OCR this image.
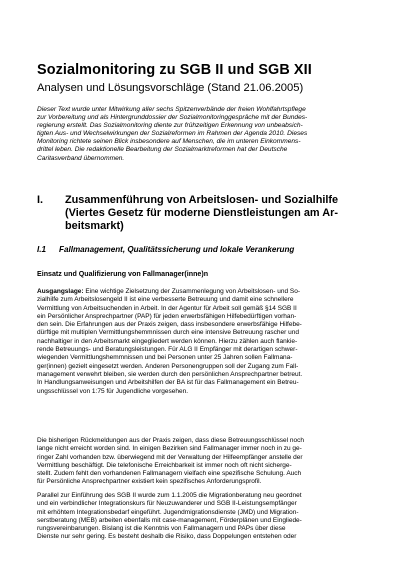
Sozialmonitoring zu SGB II und SGB XII
Analysen und Lösungsvorschläge (Stand 21.06.2005)
Dieser Text wurde unter Mitwirkung aller sechs Spitzenverbände der freien Wohlfahrtspflege
zur Vorbereitung und als Hintergrunddossier der Sozialmonitoringgespräche mit der Bundes-
regierung erstellt. Das Sozialmonitoring diente zur frühzeitigen Erkennung von unbeabsich-
tigten Aus- und Wechselwirkungen der Sozialreformen im Rahmen der Agenda 2010. Dieses
Monitoring richtete seinen Blick insbesondere auf Menschen, die im unteren Einkommens-
drittel leben. Die redaktionelle Bearbeitung der Sozialmarktreformen hat der Deutsche
Caritasverband übernommen.
I. Zusammenführung von Arbeitslosen- und Sozialhilfe
(Viertes Gesetz für moderne Dienstleistungen am Ar-
beitsmarkt)
I.1 Fallmanagement, Qualitätssicherung und lokale Verankerung
Einsatz und Qualifizierung von Fallmanager(inne)n
Ausgangslage: Eine wichtige Zielsetzung der Zusammenlegung von Arbeitslosen- und So-
zialhilfe zum Arbeitslosengeld II ist eine verbesserte Betreuung und damit eine schnellere
Vermittlung von Arbeitsuchenden in Arbeit. In der Agentur für Arbeit soll gemäß §14 SGB II
ein Persönlicher Ansprechpartner (PAP) für jeden erwerbsfähigen Hilfebedürftigen vorhan-
den sein. Die Erfahrungen aus der Praxis zeigen, dass insbesondere erwerbsfähige Hilfebe-
dürftige mit multiplen Vermittlungshemmnissen durch eine intensive Betreuung rascher und
nachhaltiger in den Arbeitsmarkt eingegliedert werden können. Hierzu zählen auch flankie-
rende Betreuungs- und Beratungsleistungen. Für ALG II Empfänger mit derartigen schwer-
wiegenden Vermittlungshemmnissen und bei Personen unter 25 Jahren sollen Fallmana-
ger(innen) gezielt eingesetzt werden. Anderen Personengruppen soll der Zugang zum Fall-
management verwehrt bleiben, sie werden durch den persönlichen Ansprechpartner betreut.
In Handlungsanweisungen und Arbeitshilfen der BA ist für das Fallmanagement ein Betreu-
ungsschlüssel von 1:75 für Jugendliche vorgesehen.
Die bisherigen Rückmeldungen aus der Praxis zeigen, dass diese Betreuungsschlüssel noch
lange nicht erreicht worden sind. In einigen Bezirken sind Fallmanager immer noch in zu ge-
ringer Zahl vorhanden bzw. überwiegend mit der Verwaltung der Hilfeempfänger anstelle der
Vermittlung beschäftigt. Die telefonische Erreichbarkeit ist immer noch oft nicht sicherge-
stellt. Zudem fehlt den vorhandenen Fallmanagern vielfach eine spezifische Schulung. Auch
für Persönliche Ansprechpartner existiert kein spezifisches Anforderungsprofil.
Parallel zur Einführung des SGB II wurde zum 1.1.2005 die Migrationberatung neu geordnet
und ein verbindlicher Integrationskurs für Neuzuwanderer und SGB II-Leistungsempfänger
mit erhöhtem Integrationsbedarf eingeführt. Jugendmigrationsdienste (JMD) und Migration-
serstberatung (MEB) arbeiten ebenfalls mit case-management, Förderplänen und Eingliede-
rungsvereinbarungen. Bislang ist die Kenntnis von Fallmanagern und PAPs über diese
Dienste nur sehr gering. Es besteht deshalb die Risiko, dass Doppelungen entstehen oder
